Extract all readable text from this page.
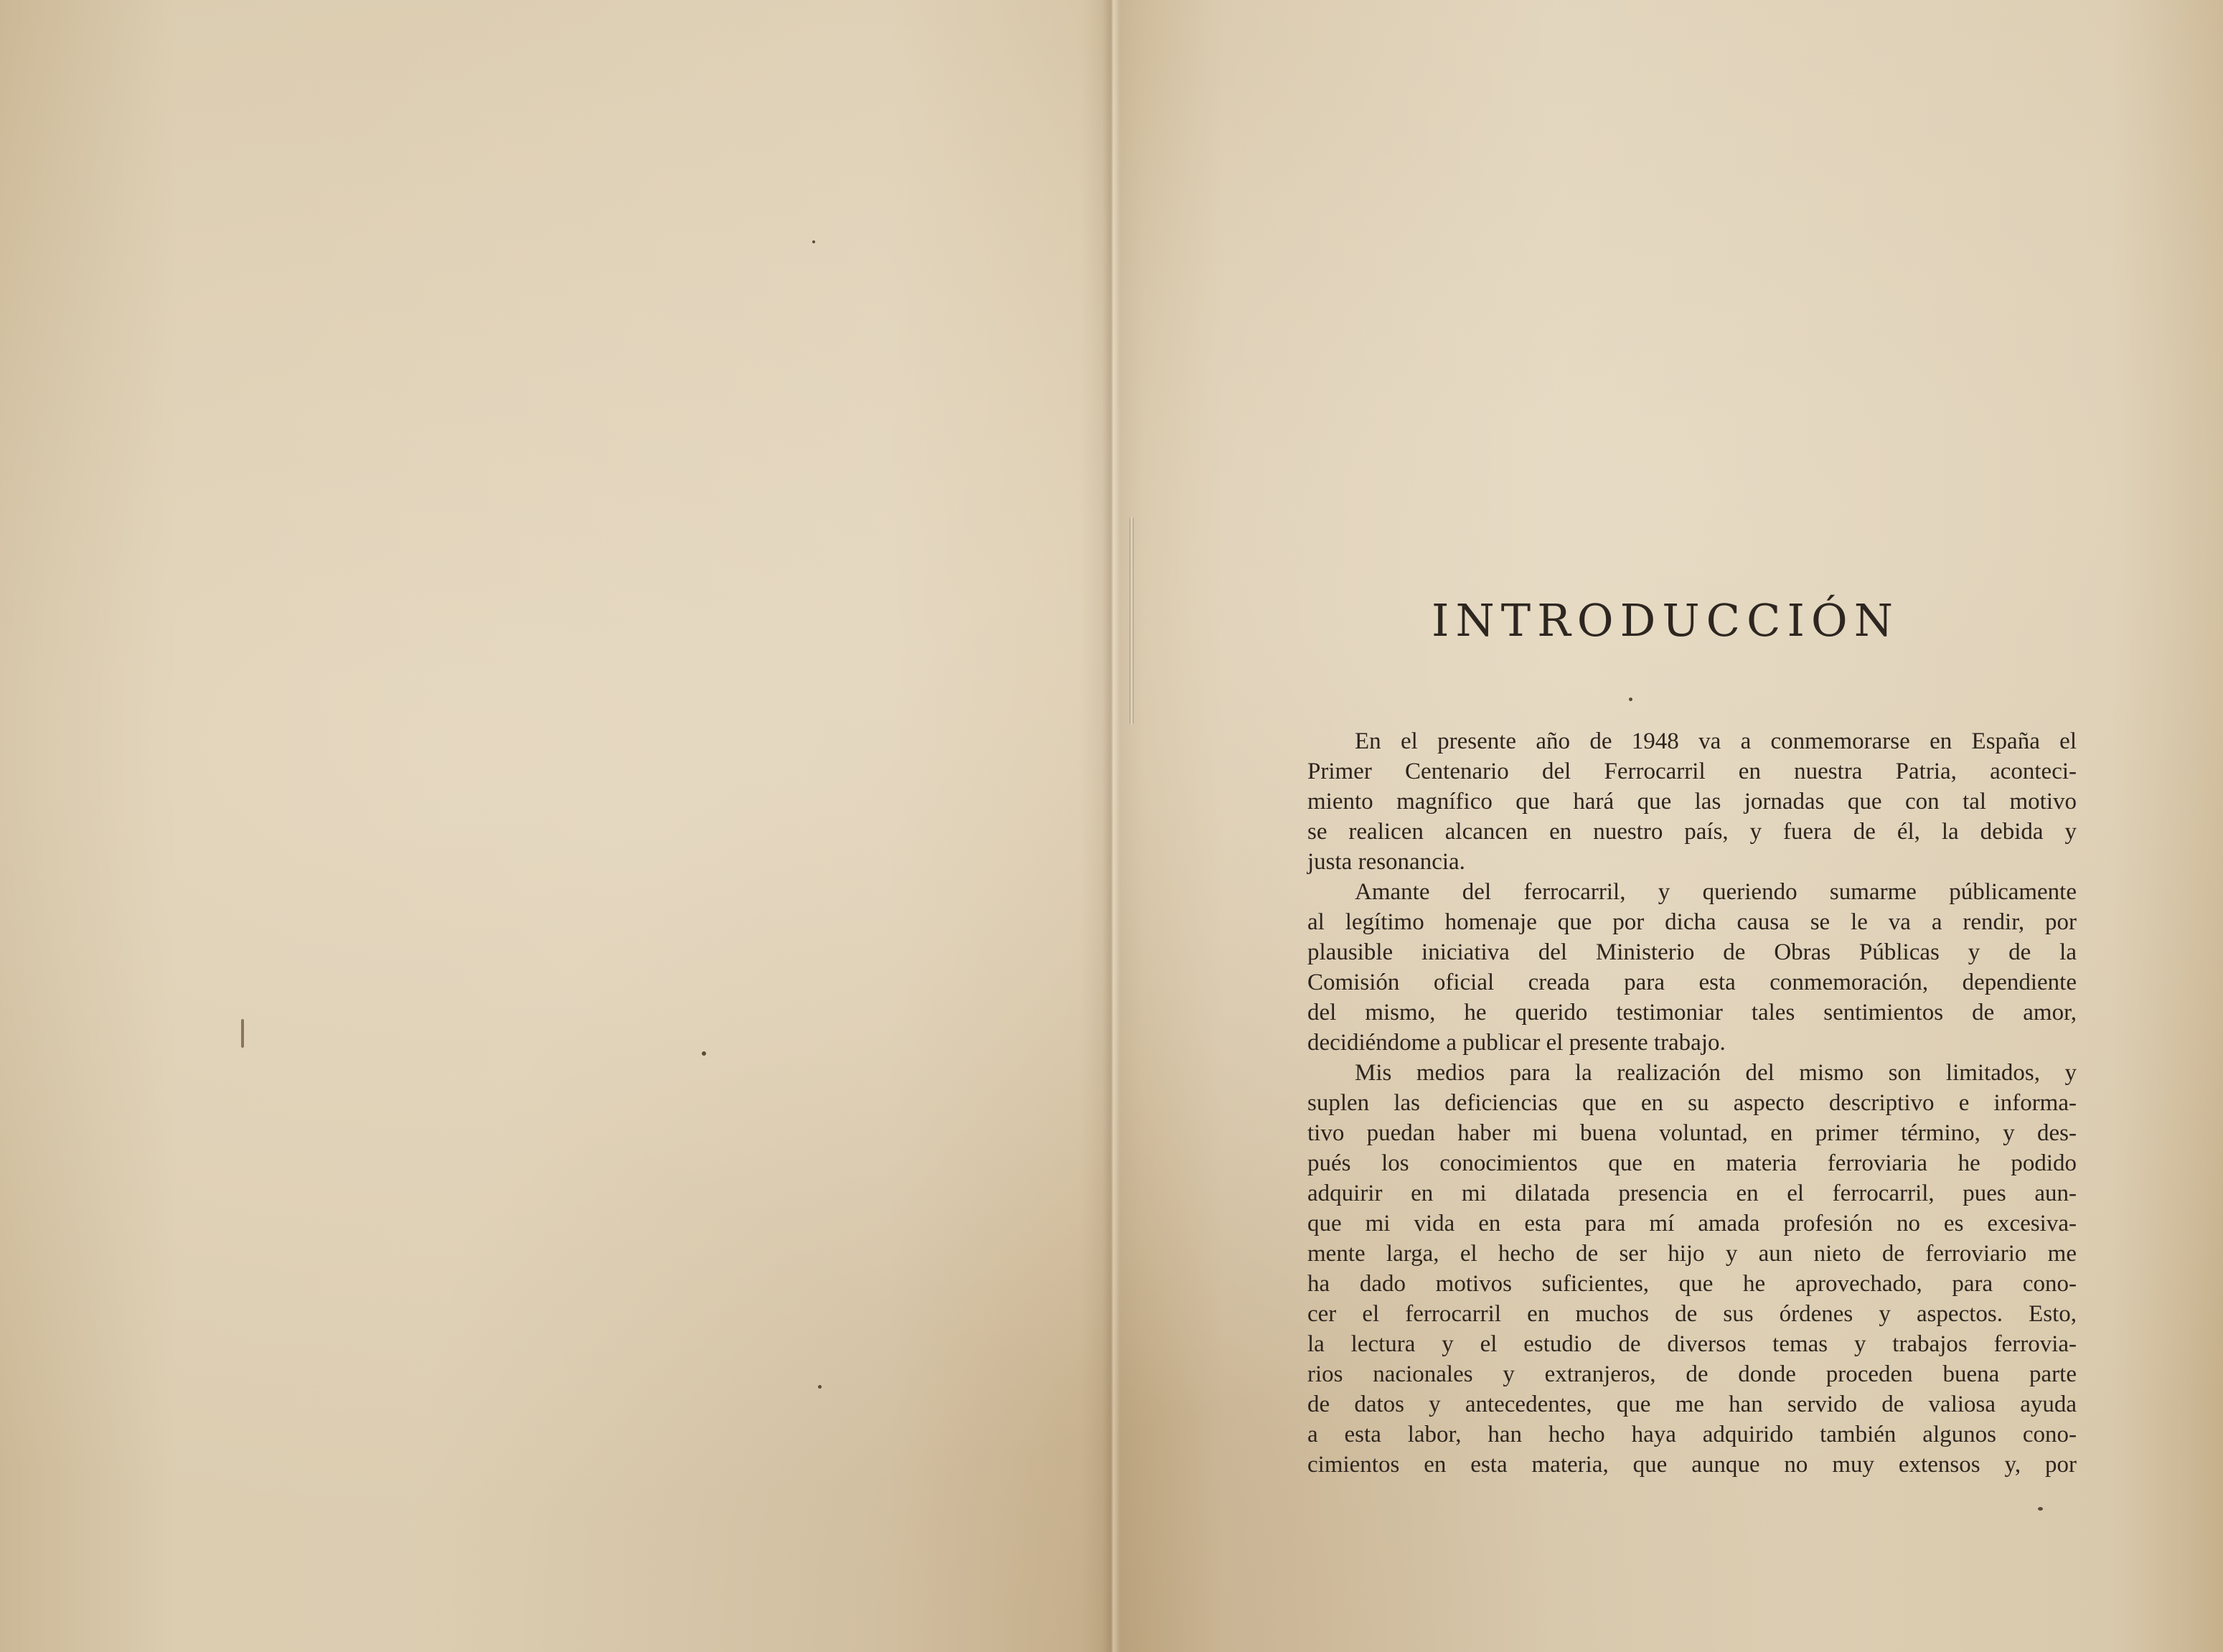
INTRODUCCIÓN

En el presente año de 1948 va a conmemorarse en España el
Primer Centenario del Ferrocarril en nuestra Patria, aconteci-
miento magnífico que hará que las jornadas que con tal motivo
se realicen alcancen en nuestro país, y fuera de él, la debida y
justa resonancia.

Amante del ferrocarril, y queriendo sumarme públicamente
al legítimo homenaje que por dicha causa se le va a rendir, por
plausible iniciativa del Ministerio de Obras Públicas y de la
Comisión oficial creada para esta conmemoración, dependiente
del mismo, he querido testimoniar tales sentimientos de amor,
decidiéndome a publicar el presente trabajo.

Mis medios para la realización del mismo son limitados, y
suplen las deficiencias que en su aspecto descriptivo e informa-
tivo puedan haber mi buena voluntad, en primer término, y des-
pués los conocimientos que en materia ferroviaria he podido
adquirir en mi dilatada presencia en el ferrocarril, pues aun-
que mi vida en esta para mí amada profesión no es excesiva-
mente larga, el hecho de ser hijo y aun nieto de ferroviario me
ha dado motivos suficientes, que he aprovechado, para cono-
cer el ferrocarril en muchos de sus órdenes y aspectos. Esto,
la lectura y el estudio de diversos temas y trabajos ferrovia-
rios nacionales y extranjeros, de donde proceden buena parte
de datos y antecedentes, que me han servido de valiosa ayuda
a esta labor, han hecho haya adquirido también algunos cono-
cimientos en esta materia, que aunque no muy extensos y, por
